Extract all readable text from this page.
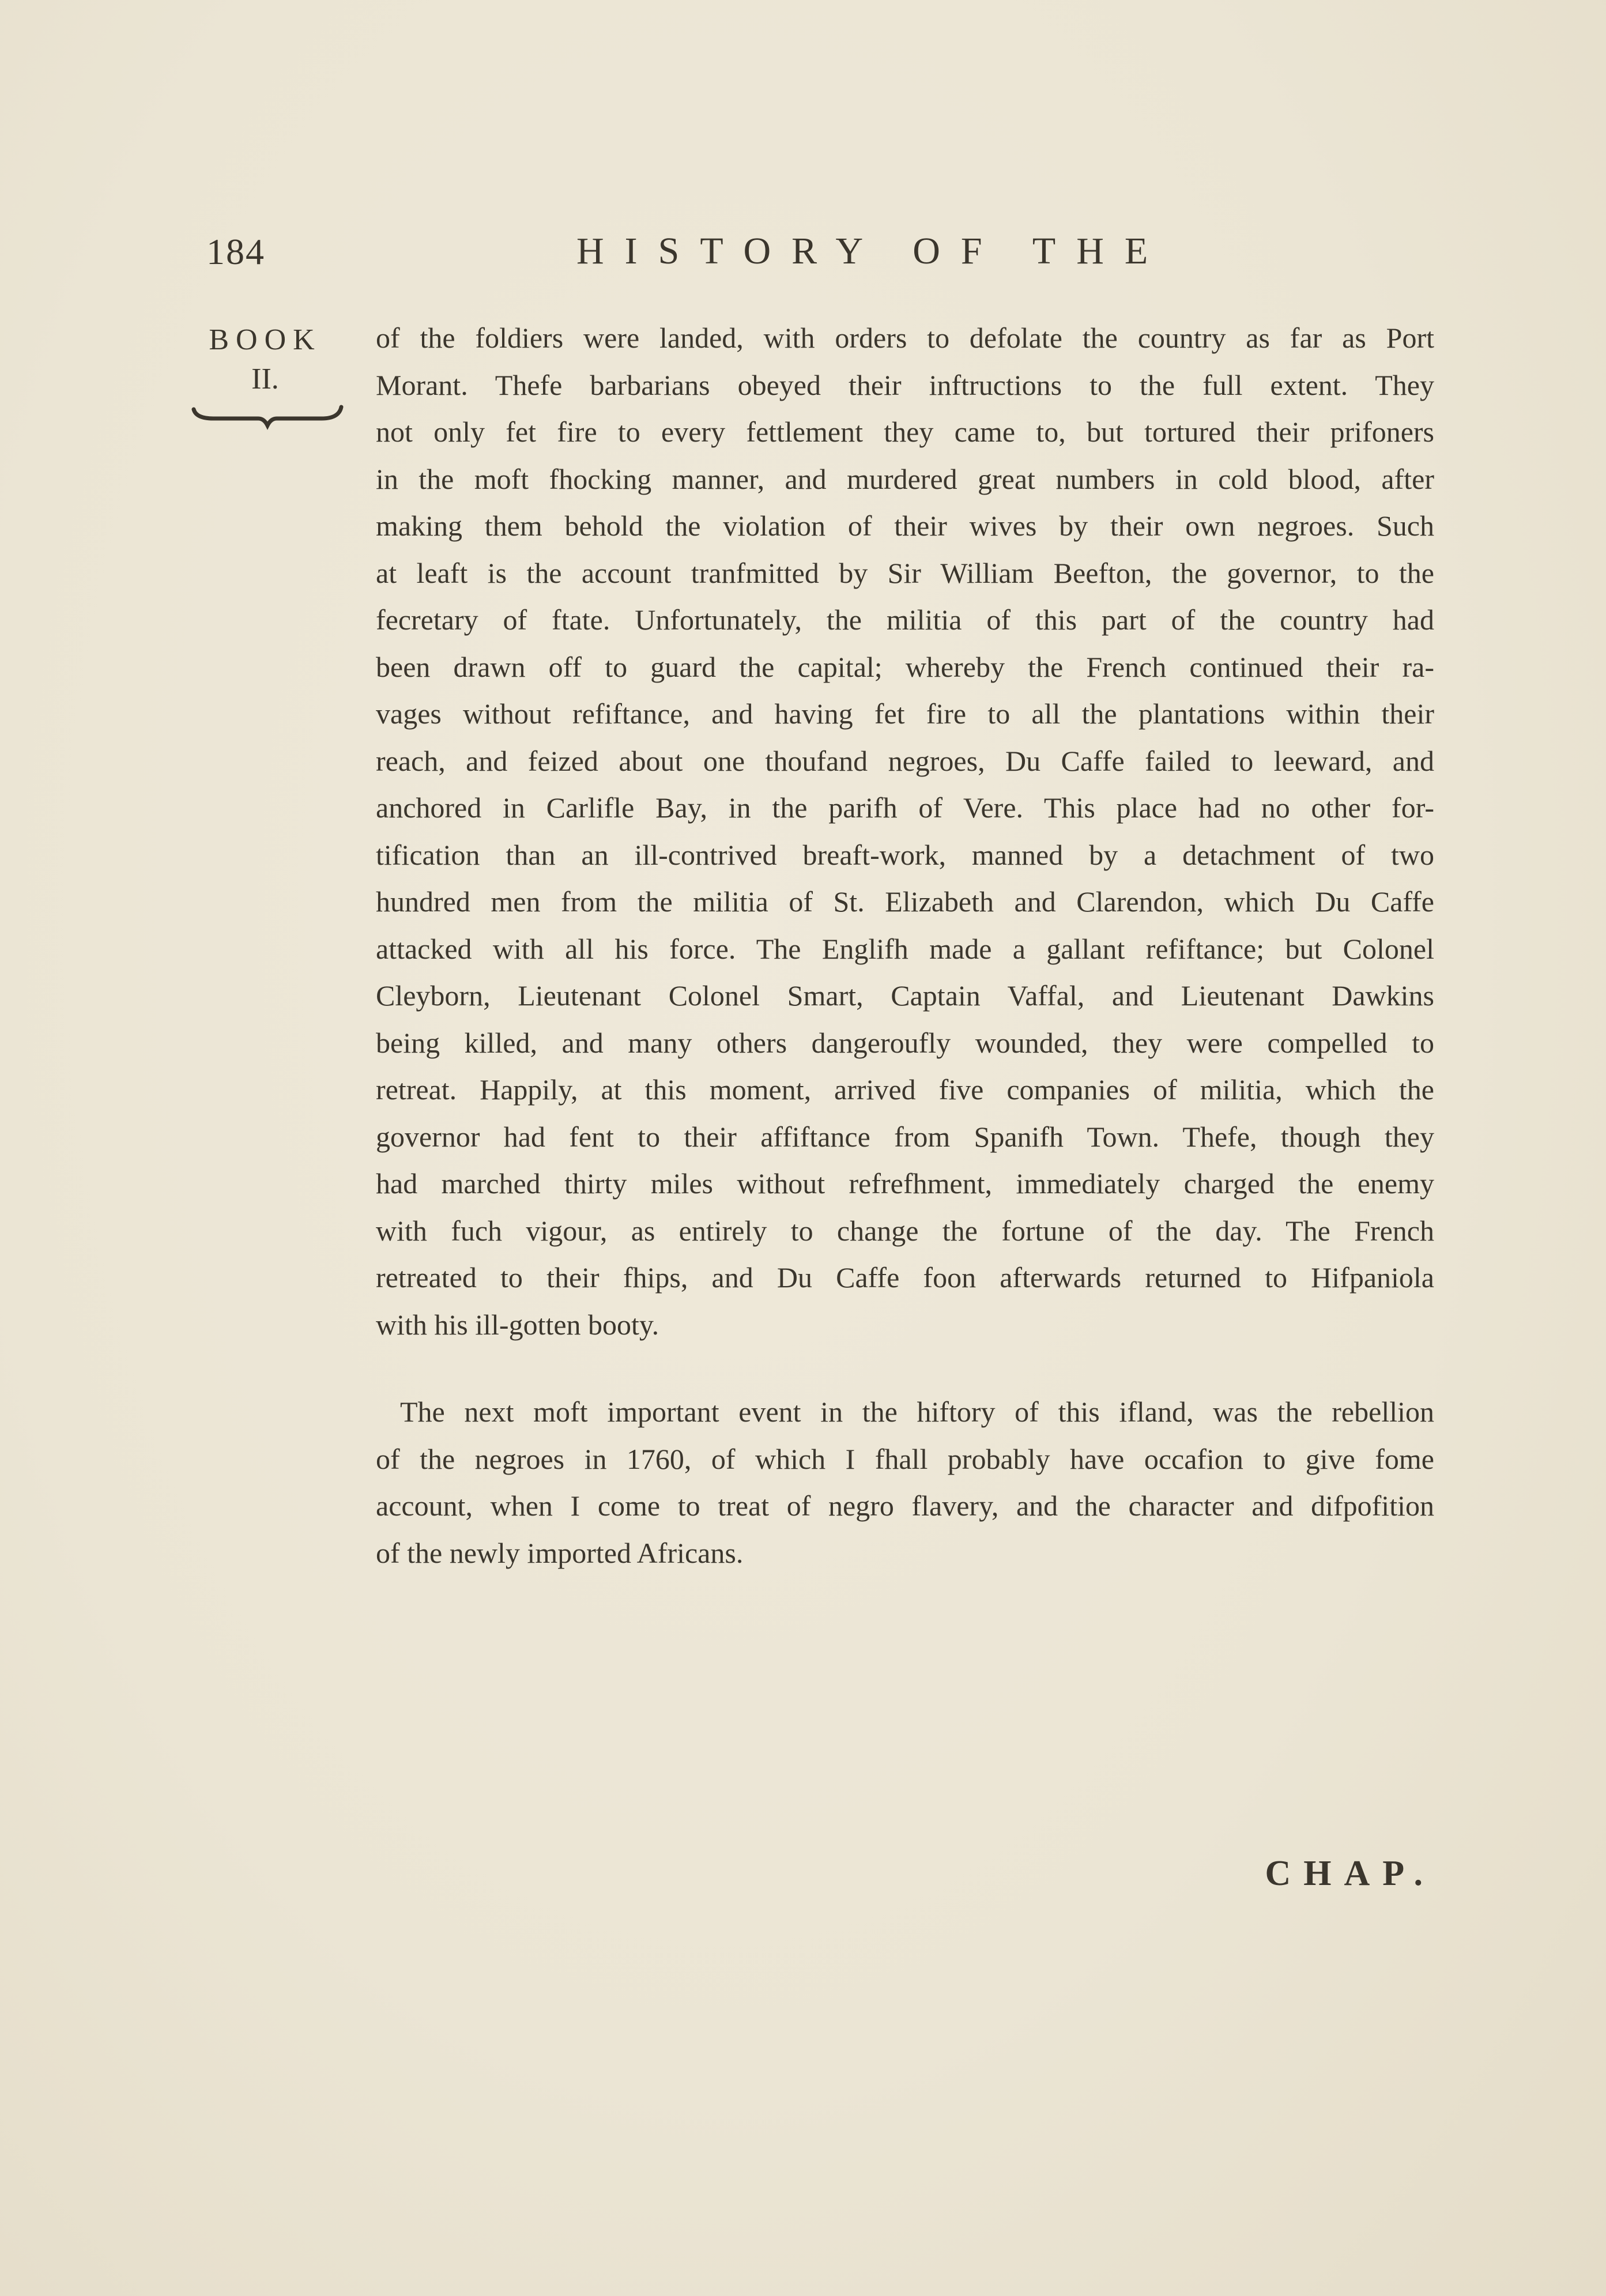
184	HISTORY OF THE
BOOK
II.
of the foldiers were landed, with orders to defolate the country as far as Port
Morant. Thefe barbarians obeyed their inftructions to the full extent. They
not only fet fire to every fettlement they came to, but tortured their prifoners
in the moft fhocking manner, and murdered great numbers in cold blood, after
making them behold the violation of their wives by their own negroes. Such
at leaft is the account tranfmitted by Sir William Beefton, the governor, to the
fecretary of ftate. Unfortunately, the militia of this part of the country had
been drawn off to guard the capital; whereby the French continued their ra-
vages without refiftance, and having fet fire to all the plantations within their
reach, and feized about one thoufand negroes, Du Caffe failed to leeward, and
anchored in Carlifle Bay, in the parifh of Vere. This place had no other for-
tification than an ill-contrived breaft-work, manned by a detachment of two
hundred men from the militia of St. Elizabeth and Clarendon, which Du Caffe
attacked with all his force. The Englifh made a gallant refiftance; but Colonel
Cleyborn, Lieutenant Colonel Smart, Captain Vaffal, and Lieutenant Dawkins
being killed, and many others dangeroufly wounded, they were compelled to
retreat. Happily, at this moment, arrived five companies of militia, which the
governor had fent to their affiftance from Spanifh Town. Thefe, though they
had marched thirty miles without refrefhment, immediately charged the enemy
with fuch vigour, as entirely to change the fortune of the day. The French
retreated to their fhips, and Du Caffe foon afterwards returned to Hifpaniola
with his ill-gotten booty.
The next moft important event in the hiftory of this ifland, was the rebellion
of the negroes in 1760, of which I fhall probably have occafion to give fome
account, when I come to treat of negro flavery, and the character and difpofition
of the newly imported Africans.
CHAP.
